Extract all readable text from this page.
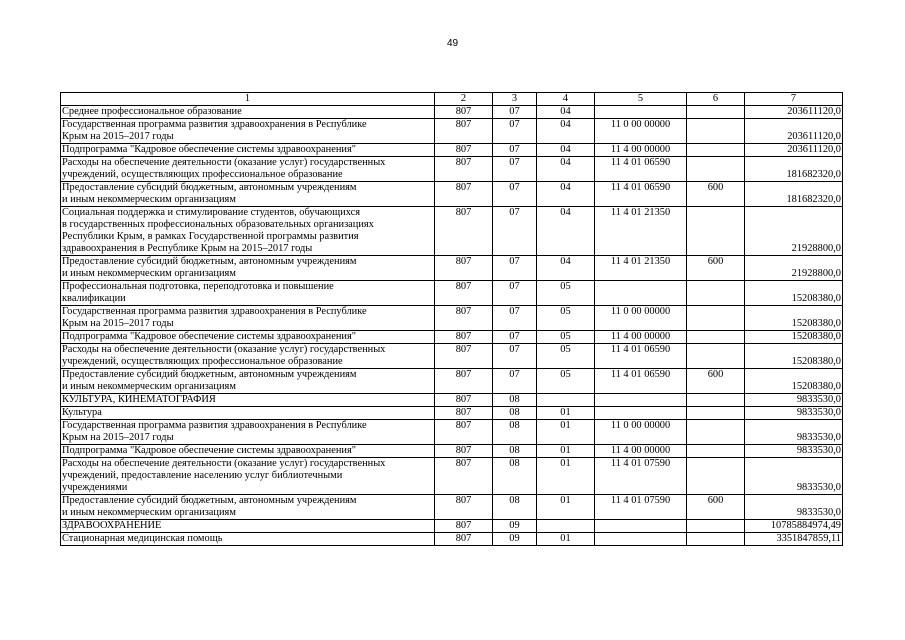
49
1	2	3	4	5	6	7
Среднее профессиональное образование	807	07	04			203611120,0
Государственная программа развития здравоохранения в Республике
Крым на 2015–2017 годы	807	07	04	11 0 00 00000		203611120,0
Подпрограмма "Кадровое обеспечение системы здравоохранения"	807	07	04	11 4 00 00000		203611120,0
Расходы на обеспечение деятельности (оказание услуг) государственных
учреждений, осуществляющих профессиональное образование	807	07	04	11 4 01 06590		181682320,0
Предоставление субсидий бюджетным, автономным учреждениям
и иным некоммерческим организациям	807	07	04	11 4 01 06590	600	181682320,0
Социальная поддержка и стимулирование студентов, обучающихся
в государственных профессиональных образовательных организациях
Республики Крым, в рамках Государственной программы развития
здравоохранения в Республике Крым на 2015–2017 годы	807	07	04	11 4 01 21350		21928800,0
Предоставление субсидий бюджетным, автономным учреждениям
и иным некоммерческим организациям	807	07	04	11 4 01 21350	600	21928800,0
Профессиональная подготовка, переподготовка и повышение
квалификации	807	07	05			15208380,0
Государственная программа развития здравоохранения в Республике
Крым на 2015–2017 годы	807	07	05	11 0 00 00000		15208380,0
Подпрограмма "Кадровое обеспечение системы здравоохранения"	807	07	05	11 4 00 00000		15208380,0
Расходы на обеспечение деятельности (оказание услуг) государственных
учреждений, осуществляющих профессиональное образование	807	07	05	11 4 01 06590		15208380,0
Предоставление субсидий бюджетным, автономным учреждениям
и иным некоммерческим организациям	807	07	05	11 4 01 06590	600	15208380,0
КУЛЬТУРА, КИНЕМАТОГРАФИЯ	807	08				9833530,0
Культура	807	08	01			9833530,0
Государственная программа развития здравоохранения в Республике
Крым на 2015–2017 годы	807	08	01	11 0 00 00000		9833530,0
Подпрограмма "Кадровое обеспечение системы здравоохранения"	807	08	01	11 4 00 00000		9833530,0
Расходы на обеспечение деятельности (оказание услуг) государственных
учреждений, предоставление населению услуг библиотечными
учреждениями	807	08	01	11 4 01 07590		9833530,0
Предоставление субсидий бюджетным, автономным учреждениям
и иным некоммерческим организациям	807	08	01	11 4 01 07590	600	9833530,0
ЗДРАВООХРАНЕНИЕ	807	09				10785884974,49
Стационарная медицинская помощь	807	09	01			3351847859,11
